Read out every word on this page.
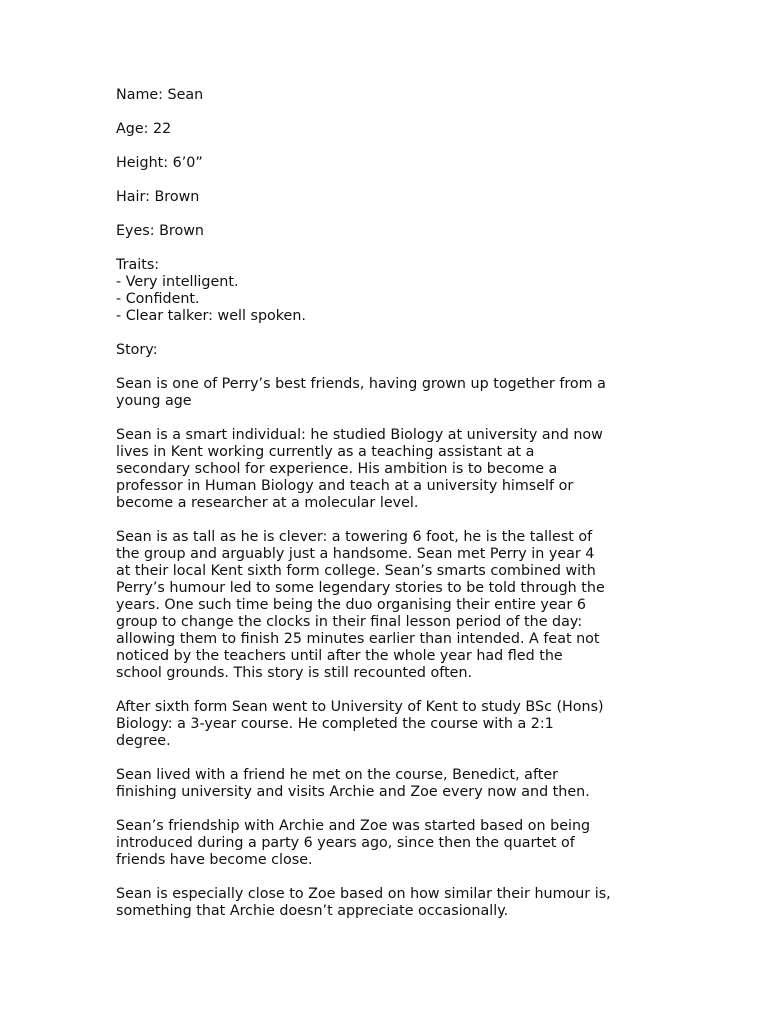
Name: Sean
Age: 22
Height: 6’0”
Hair: Brown
Eyes: Brown
Traits:
- Very intelligent.
- Confident.
- Clear talker: well spoken.
Story:
Sean is one of Perry’s best friends, having grown up together from a
young age
Sean is a smart individual: he studied Biology at university and now
lives in Kent working currently as a teaching assistant at a
secondary school for experience. His ambition is to become a
professor in Human Biology and teach at a university himself or
become a researcher at a molecular level.
Sean is as tall as he is clever: a towering 6 foot, he is the tallest of
the group and arguably just a handsome. Sean met Perry in year 4
at their local Kent sixth form college. Sean’s smarts combined with
Perry’s humour led to some legendary stories to be told through the
years. One such time being the duo organising their entire year 6
group to change the clocks in their final lesson period of the day:
allowing them to finish 25 minutes earlier than intended. A feat not
noticed by the teachers until after the whole year had fled the
school grounds. This story is still recounted often.
After sixth form Sean went to University of Kent to study BSc (Hons)
Biology: a 3-year course. He completed the course with a 2:1
degree.
Sean lived with a friend he met on the course, Benedict, after
finishing university and visits Archie and Zoe every now and then.
Sean’s friendship with Archie and Zoe was started based on being
introduced during a party 6 years ago, since then the quartet of
friends have become close.
Sean is especially close to Zoe based on how similar their humour is,
something that Archie doesn’t appreciate occasionally.
